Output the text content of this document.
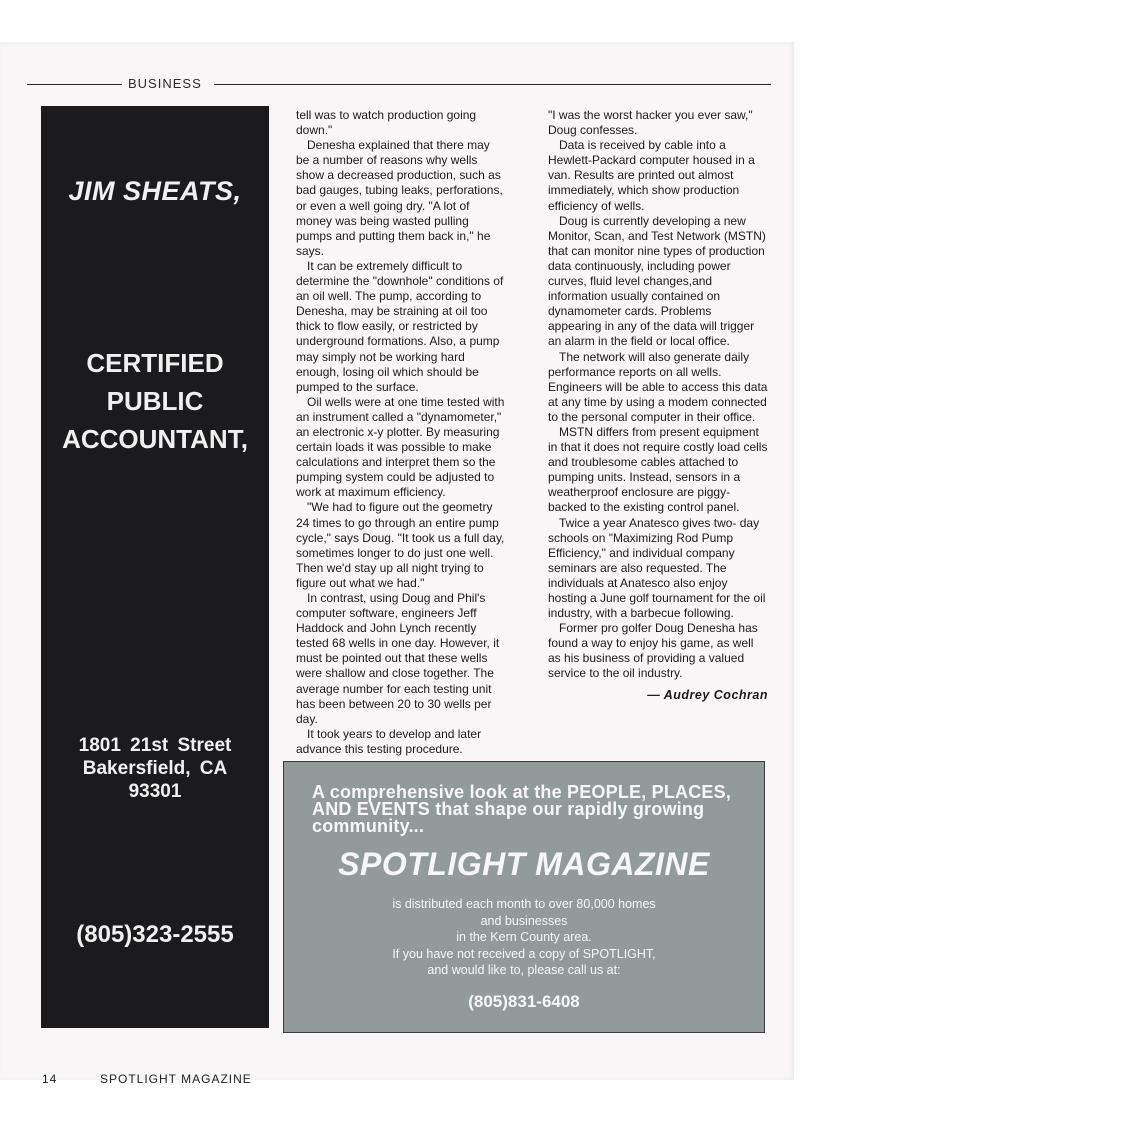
BUSINESS
JIM SHEATS,
CERTIFIED
PUBLIC
ACCOUNTANT,
1801 21st Street
Bakersfield, CA
93301
(805)323-2555

tell was to watch production going down."

Denesha explained that there may be a number of reasons why wells show a decreased production, such as bad gauges, tubing leaks, perforations, or even a well going dry. "A lot of money was being wasted pulling pumps and putting them back in," he says.

It can be extremely difficult to determine the "downhole" conditions of an oil well. The pump, according to Denesha, may be straining at oil too thick to flow easily, or restricted by underground formations. Also, a pump may simply not be working hard enough, losing oil which should be pumped to the surface.

Oil wells were at one time tested with an instrument called a "dynamometer," an electronic x-y plotter. By measuring certain loads it was possible to make calculations and interpret them so the pumping system could be adjusted to work at maximum efficiency.

"We had to figure out the geometry 24 times to go through an entire pump cycle," says Doug. "It took us a full day, sometimes longer to do just one well. Then we'd stay up all night trying to figure out what we had."

In contrast, using Doug and Phil's computer software, engineers Jeff Haddock and John Lynch recently tested 68 wells in one day. However, it must be pointed out that these wells were shallow and close together. The average number for each testing unit has been between 20 to 30 wells per day.

It took years to develop and later advance this testing procedure.

"I was the worst hacker you ever saw," Doug confesses.

Data is received by cable into a Hewlett-Packard computer housed in a van. Results are printed out almost immediately, which show production efficiency of wells.

Doug is currently developing a new Monitor, Scan, and Test Network (MSTN) that can monitor nine types of production data continuously, including power curves, fluid level changes,and information usually contained on dynamometer cards. Problems appearing in any of the data will trigger an alarm in the field or local office.

The network will also generate daily performance reports on all wells. Engineers will be able to access this data at any time by using a modem connected to the personal computer in their office.

MSTN differs from present equipment in that it does not require costly load cells and troublesome cables attached to pumping units. Instead, sensors in a weatherproof enclosure are piggy-backed to the existing control panel.

Twice a year Anatesco gives two- day schools on "Maximizing Rod Pump Efficiency," and individual company seminars are also requested. The individuals at Anatesco also enjoy hosting a June golf tournament for the oil industry, with a barbecue following.

Former pro golfer Doug Denesha has found a way to enjoy his game, as well as his business of providing a valued service to the oil industry.

— Audrey Cochran
A comprehensive look at the PEOPLE, PLACES, AND EVENTS that shape our rapidly growing community...
SPOTLIGHT MAGAZINE
is distributed each month to over 80,000 homes
and businesses
in the Kern County area.
If you have not received a copy of SPOTLIGHT,
and would like to, please call us at:
(805)831-6408
14	SPOTLIGHT MAGAZINE
